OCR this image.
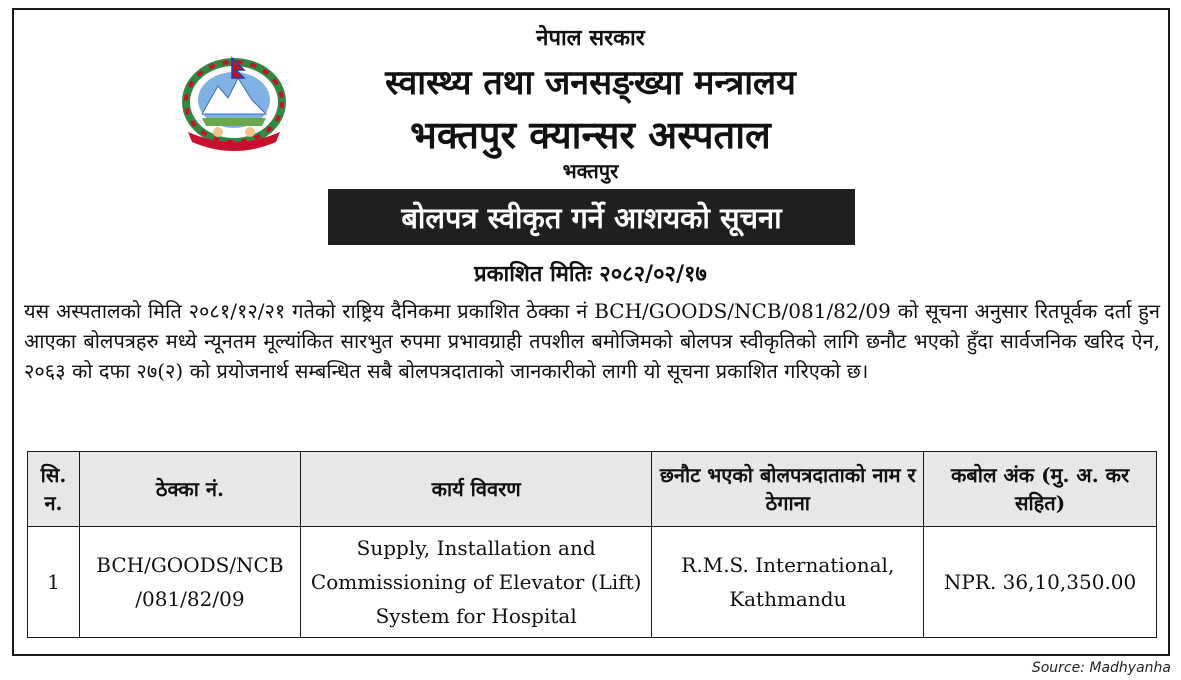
नेपाल सरकार
स्वास्थ्य तथा जनसङ्ख्या मन्त्रालय
भक्तपुर क्यान्सर अस्पताल
भक्तपुर
बोलपत्र स्वीकृत गर्ने आशयको सूचना
प्रकाशित मितिः २०८२/०२/१७
यस अस्पतालको मिति २०८१/१२/२१ गतेको राष्ट्रिय दैनिकमा प्रकाशित ठेक्का नं BCH/GOODS/NCB/081/82/09 को सूचना अनुसार रितपूर्वक दर्ता हुन आएका बोलपत्रहरु मध्ये न्यूनतम मूल्यांकित सारभुत रुपमा प्रभावग्राही तपशील बमोजिमको बोलपत्र स्वीकृतिको लागि छनौट भएको हुँदा सार्वजनिक खरिद ऐन, २०६३ को दफा २७(२) को प्रयोजनार्थ सम्बन्धित सबै बोलपत्रदाताको जानकारीको लागी यो सूचना प्रकाशित गरिएको छ।
सि. न.	ठेक्का नं.	कार्य विवरण	छनौट भएको बोलपत्रदाताको नाम र ठेगाना	कबोल अंक (मु. अ. कर सहित)
1	BCH/GOODS/NCB /081/82/09	Supply, Installation and Commissioning of Elevator (Lift) System for Hospital	R.M.S. International, Kathmandu	NPR. 36,10,350.00
Source: Madhyanha
